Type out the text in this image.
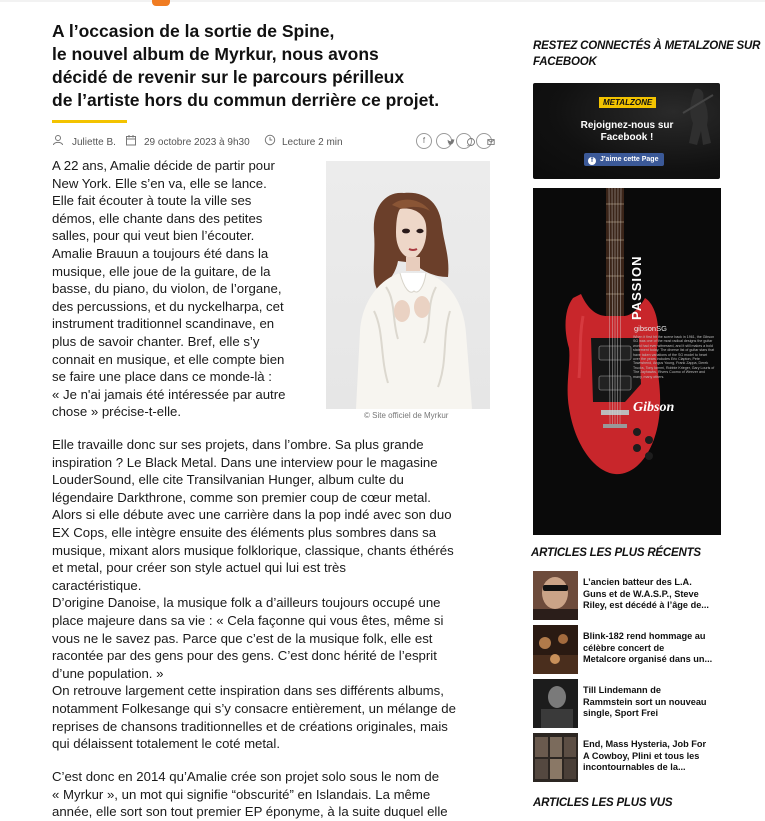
A l’occasion de la sortie de Spine,
le nouvel album de Myrkur, nous avons
décidé de revenir sur le parcours périlleux
de l’artiste hors du commun derrière ce projet.
Juliette B.	29 octobre 2023 à 9h30	Lecture 2 min	f
© Site officiel de Myrkur
A 22 ans, Amalie décide de partir pour
New York. Elle s’en va, elle se lance.
Elle fait écouter à toute la ville ses
démos, elle chante dans des petites
salles, pour qui veut bien l’écouter.
Amalie Brauun a toujours été dans la
musique, elle joue de la guitare, de la
basse, du piano, du violon, de l’organe,
des percussions, et du nyckelharpa, cet
instrument traditionnel scandinave, en
plus de savoir chanter. Bref, elle s’y
connait en musique, et elle compte bien
se faire une place dans ce monde-là :
« Je n'ai jamais été intéressée par autre
chose » précise-t-elle.
Elle travaille donc sur ses projets, dans l’ombre. Sa plus grande
inspiration ? Le Black Metal. Dans une interview pour le magasine
LouderSound, elle cite Transilvanian Hunger, album culte du
légendaire Darkthrone, comme son premier coup de cœur metal.
Alors si elle débute avec une carrière dans la pop indé avec son duo
EX Cops, elle intègre ensuite des éléments plus sombres dans sa
musique, mixant alors musique folklorique, classique, chants éthérés
et metal, pour créer son style actuel qui lui est très
caractéristique.
D’origine Danoise, la musique folk a d’ailleurs toujours occupé une
place majeure dans sa vie : « Cela façonne qui vous êtes, même si
vous ne le savez pas. Parce que c’est de la musique folk, elle est
racontée par des gens pour des gens. C’est donc hérité de l’esprit
d’une population. »
On retrouve largement cette inspiration dans ses différents albums,
notamment Folkesange qui s’y consacre entièrement, un mélange de
reprises de chansons traditionnelles et de créations originales, mais
qui délaissent totalement le coté metal.
C’est donc en 2014 qu’Amalie crée son projet solo sous le nom de
« Myrkur », un mot qui signifie “obscurité” en Islandais. La même
année, elle sort son tout premier EP éponyme, à la suite duquel elle
RESTEZ CONNECTÉS À METALZONE SUR
FACEBOOK
METALZONE
Rejoignez-nous sur Facebook !
f J'aime cette Page
PASSION
gibsonSG
When it first hit the scene back in 1961, the Gibson SG was one of the most radical designs the guitar world had ever witnessed, and it still makes a bold statement today. The diverse list of guitar stars that have taken variations of the SG model to heart over the years includes Eric Clapton, Pete Townshend, Angus Young, Frank Zappa, Derek Trucks, Tony Iommi, Robbie Krieger, Gary Louris of The Jayhawks, Rivers Cuomo of Weezer and many, many others.
Gibson
ARTICLES LES PLUS RÉCENTS
L’ancien batteur des L.A.
Guns et de W.A.S.P., Steve
Riley, est décédé à l’âge de...
Blink-182 rend hommage au
célèbre concert de
Metalcore organisé dans un...
Till Lindemann de
Rammstein sort un nouveau
single, Sport Frei
End, Mass Hysteria, Job For
A Cowboy, Plini et tous les
incontournables de la...
ARTICLES LES PLUS VUS
